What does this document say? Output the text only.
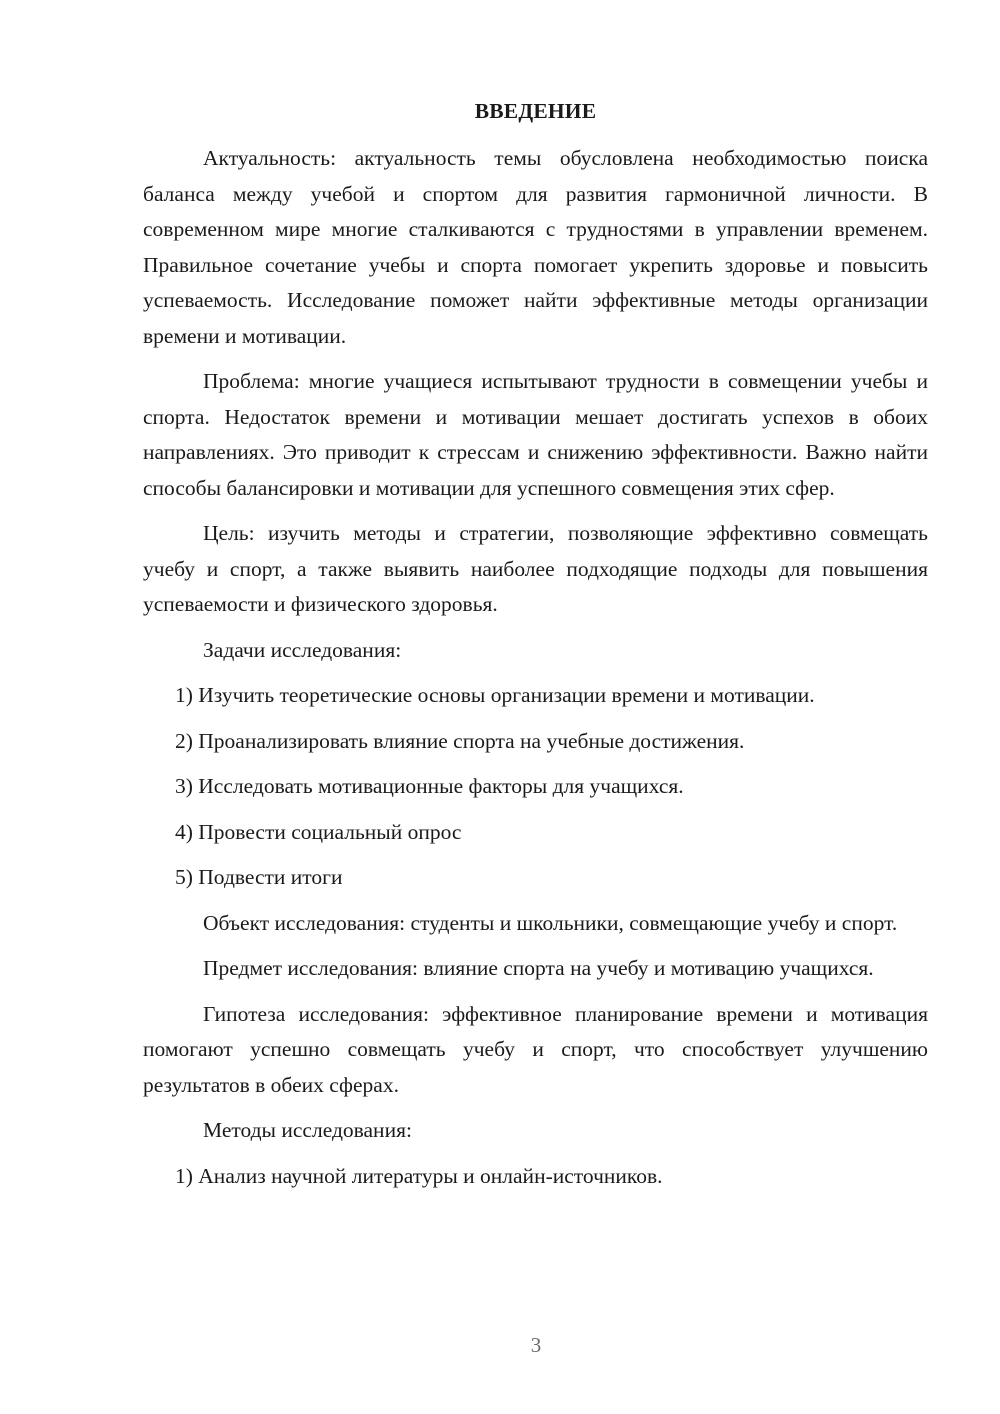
ВВЕДЕНИЕ

Актуальность: актуальность темы обусловлена необходимостью поиска баланса между учебой и спортом для развития гармоничной личности. В современном мире многие сталкиваются с трудностями в управлении временем. Правильное сочетание учебы и спорта помогает укрепить здоровье и повысить успеваемость. Исследование поможет найти эффективные методы организации времени и мотивации.

Проблема: многие учащиеся испытывают трудности в совмещении учебы и спорта. Недостаток времени и мотивации мешает достигать успехов в обоих направлениях. Это приводит к стрессам и снижению эффективности. Важно найти способы балансировки и мотивации для успешного совмещения этих сфер.

Цель: изучить методы и стратегии, позволяющие эффективно совмещать учебу и спорт, а также выявить наиболее подходящие подходы для повышения успеваемости и физического здоровья.

Задачи исследования:
1) Изучить теоретические основы организации времени и мотивации.
2) Проанализировать влияние спорта на учебные достижения.
3) Исследовать мотивационные факторы для учащихся.
4) Провести социальный опрос
5) Подвести итоги

Объект исследования: студенты и школьники, совмещающие учебу и спорт.

Предмет исследования: влияние спорта на учебу и мотивацию учащихся.

Гипотеза исследования: эффективное планирование времени и мотивация помогают успешно совмещать учебу и спорт, что способствует улучшению результатов в обеих сферах.

Методы исследования:
1) Анализ научной литературы и онлайн-источников.
3
